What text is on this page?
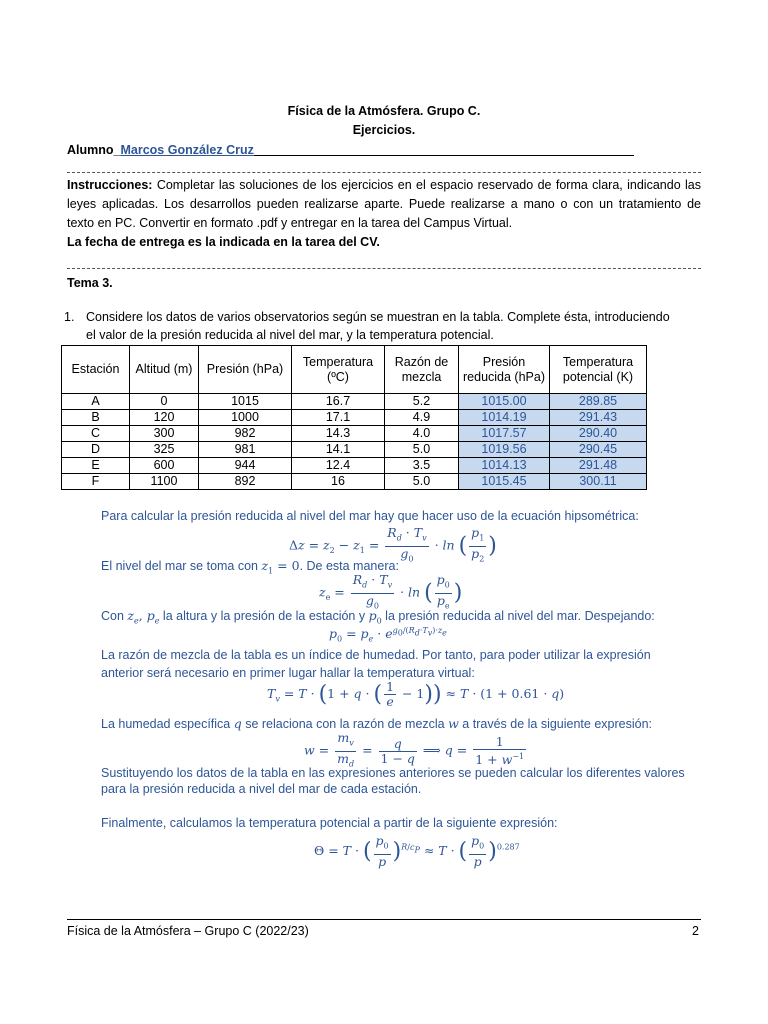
Física de la Atmósfera. Grupo C.
Ejercicios.
Alumno_Marcos González Cruz
Instrucciones: Completar las soluciones de los ejercicios en el espacio reservado de forma clara, indicando las
leyes aplicadas. Los desarrollos pueden realizarse aparte. Puede realizarse a mano o con un tratamiento de
texto en PC. Convertir en formato .pdf y entregar en la tarea del Campus Virtual.
La fecha de entrega es la indicada en la tarea del CV.
Tema 3.
1. Considere los datos de varios observatorios según se muestran en la tabla. Complete ésta, introduciendo
el valor de la presión reducida al nivel del mar, y la temperatura potencial.
Estación	Altitud (m)	Presión (hPa)	Temperatura (ºC)	Razón de mezcla	Presión reducida (hPa)	Temperatura potencial (K)
A	0	1015	16.7	5.2	1015.00	289.85
B	120	1000	17.1	4.9	1014.19	291.43
C	300	982	14.3	4.0	1017.57	290.40
D	325	981	14.1	5.0	1019.56	290.45
E	600	944	12.4	3.5	1014.13	291.48
F	1100	892	16	5.0	1015.45	300.11
Para calcular la presión reducida al nivel del mar hay que hacer uso de la ecuación hipsométrica:
$\Delta z = z_2 - z_1 = \frac{R_d \cdot T_v}{g_0} \cdot \ln$ ( $\frac{p_1}{p_2}$ )
El nivel del mar se toma con $z_1 = 0$. De esta manera:
$z_e = \frac{R_d \cdot T_v}{g_0} \cdot \ln$ ( $\frac{p_0}{p_e}$ )
Con $z_e$, $p_e$ la altura y la presión de la estación y $p_0$ la presión reducida al nivel del mar. Despejando:
$p_0 = p_e \cdot e^{g_0/(R_d\cdot T_v)\cdot z_e}$
La razón de mezcla de la tabla es un índice de humedad. Por tanto, para poder utilizar la expresión
anterior será necesario en primer lugar hallar la temperatura virtual:
$T_v = T \cdot (1 + q$ · ( $\frac{1}{e} - 1)) \approx T \cdot (1 + 0.61 \cdot q)$
La humedad específica q se relaciona con la razón de mezcla w a través de la siguiente expresión:
$w = \frac{m_v}{m_d} = \frac{q}{1 - q}$ ⟹ $q = \frac{1}{1 + w^{-1}}$
Sustituyendo los datos de la tabla en las expresiones anteriores se pueden calcular los diferentes valores
para la presión reducida a nivel del mar de cada estación.
Finalmente, calculamos la temperatura potencial a partir de la siguiente expresión:
Θ = T · ( $\frac{p_0}{p} )^{R/c_P} \approx T$ · ( $\frac{p_0}{p} )^{0.287}$
Física de la Atmósfera – Grupo C (2022/23)	2
